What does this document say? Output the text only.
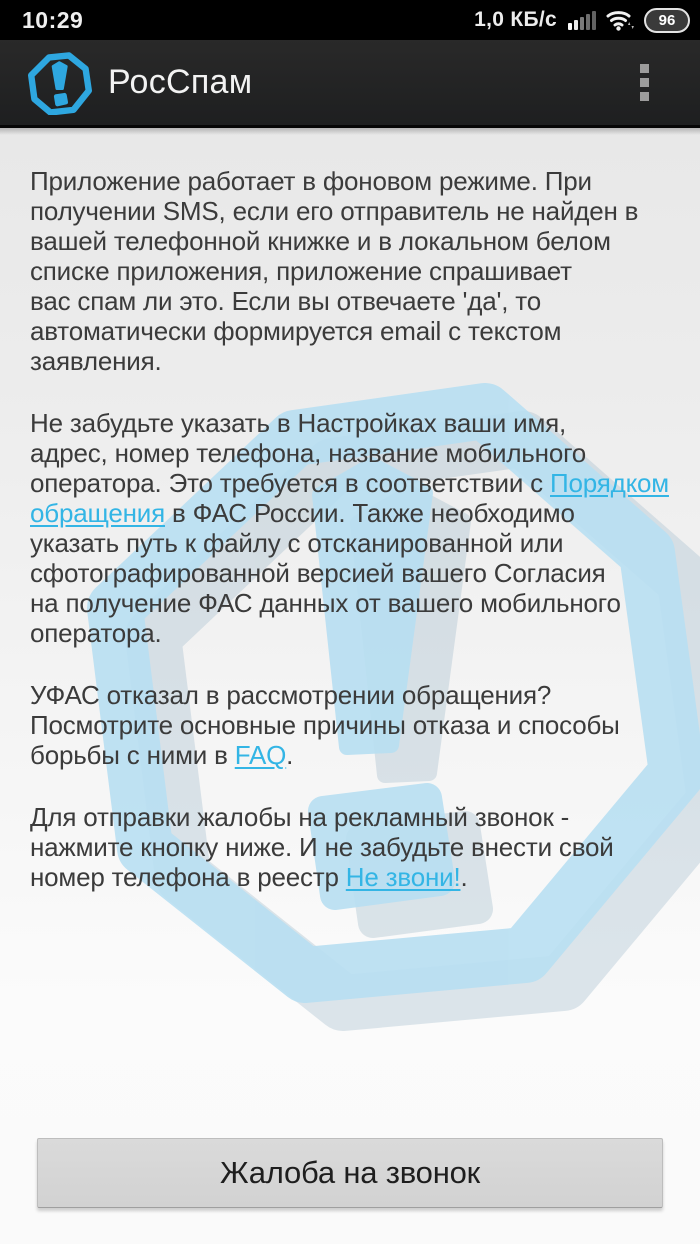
10:29	1,0 КБ/с	96
РосСпам
Приложение работает в фоновом режиме. При
получении SMS, если его отправитель не найден в
вашей телефонной книжке и в локальном белом
списке приложения, приложение спрашивает
вас спам ли это. Если вы отвечаете 'да', то
автоматически формируется email с текстом
заявления.
Не забудьте указать в Настройках ваши имя,
адрес, номер телефона, название мобильного
оператора. Это требуется в соответствии с Порядком
обращения в ФАС России. Также необходимо
указать путь к файлу с отсканированной или
сфотографированной версией вашего Согласия
на получение ФАС данных от вашего мобильного
оператора.
УФАС отказал в рассмотрении обращения?
Посмотрите основные причины отказа и способы
борьбы с ними в FAQ.
Для отправки жалобы на рекламный звонок -
нажмите кнопку ниже. И не забудьте внести свой
номер телефона в реестр Не звони!.
Жалоба на звонок
